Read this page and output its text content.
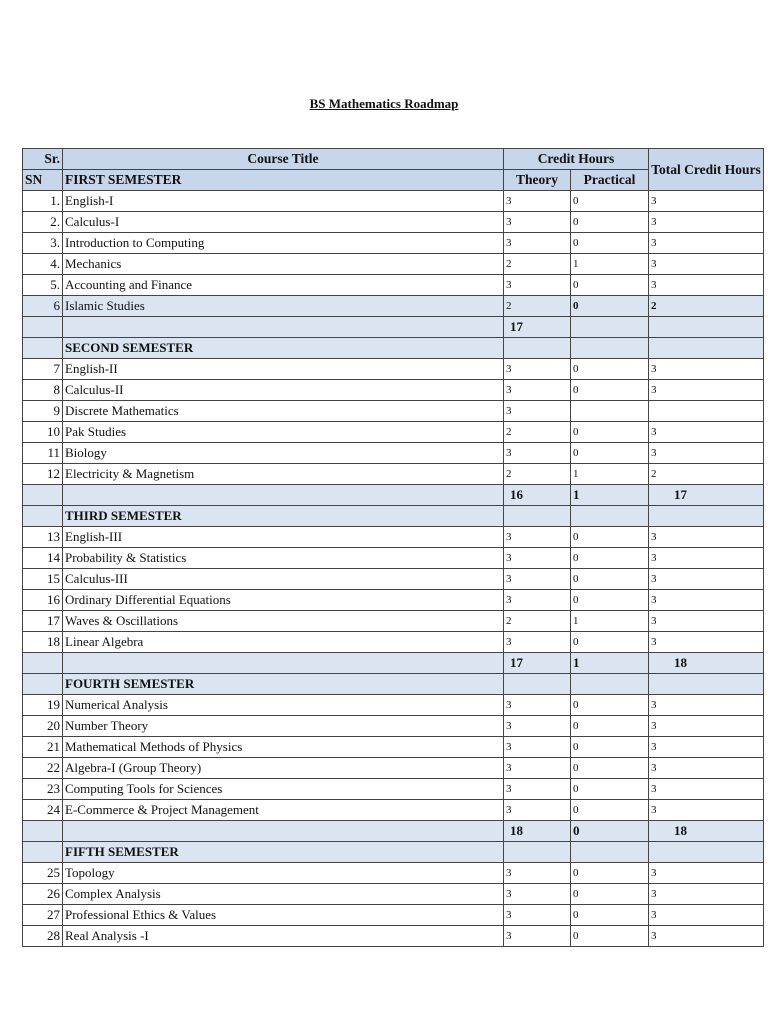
BS Mathematics Roadmap
Sr.	Course Title	Credit Hours		Total Credit Hours
SN	FIRST SEMESTER	Theory	Practical	
1.	English-I	3	0	3
2.	Calculus-I	3	0	3
3.	Introduction to Computing	3	0	3
4.	Mechanics	2	1	3
5.	Accounting and Finance	3	0	3
6	Islamic Studies	2	0	2
		17		
	SECOND SEMESTER			
7	English-II	3	0	3
8	Calculus-II	3	0	3
9	Discrete Mathematics	3		
10	Pak Studies	2	0	3
11	Biology	3	0	3
12	Electricity & Magnetism	2	1	2
		16	1	17
	THIRD SEMESTER			
13	English-III	3	0	3
14	Probability & Statistics	3	0	3
15	Calculus-III	3	0	3
16	Ordinary Differential Equations	3	0	3
17	Waves & Oscillations	2	1	3
18	Linear Algebra	3	0	3
		17	1	18
	FOURTH SEMESTER			
19	Numerical Analysis	3	0	3
20	Number Theory	3	0	3
21	Mathematical Methods of Physics	3	0	3
22	Algebra-I (Group Theory)	3	0	3
23	Computing Tools for Sciences	3	0	3
24	E-Commerce & Project Management	3	0	3
		18	0	18
	FIFTH SEMESTER			
25	Topology	3	0	3
26	Complex Analysis	3	0	3
27	Professional Ethics & Values	3	0	3
28	Real Analysis -I	3	0	3
